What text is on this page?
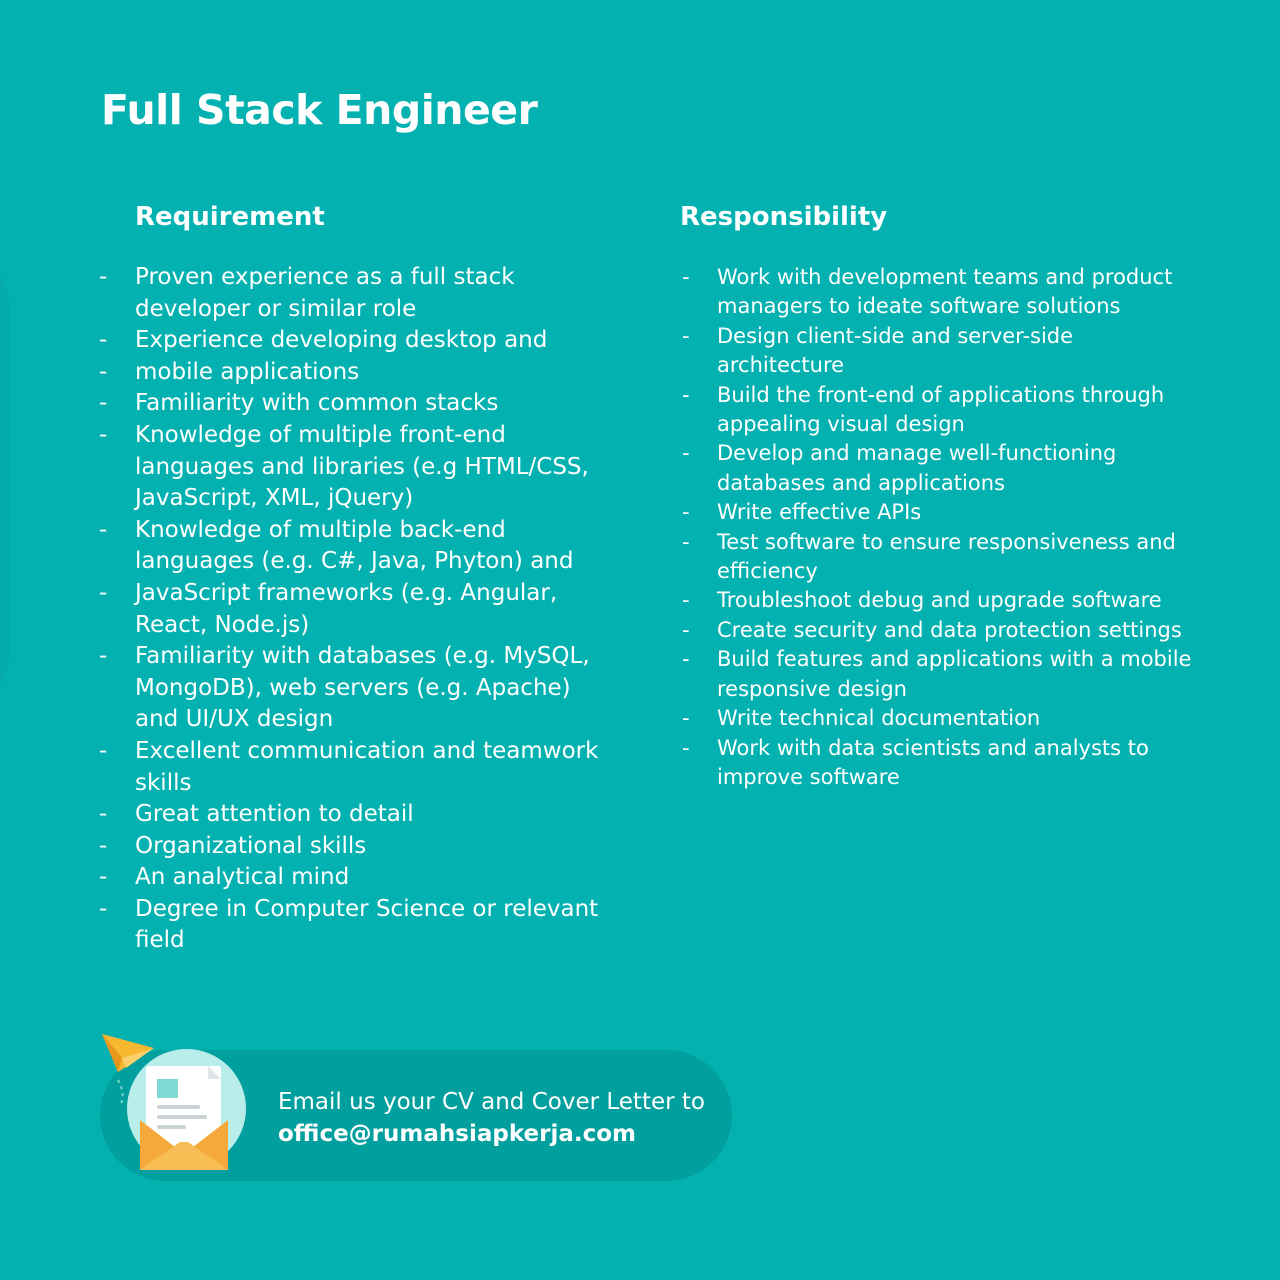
Full Stack Engineer
Requirement	Responsibility
- Proven experience as a full stack developer or similar role
- Experience developing desktop and
- mobile applications
- Familiarity with common stacks
- Knowledge of multiple front-end languages and libraries (e.g HTML/CSS, JavaScript, XML, jQuery)
- Knowledge of multiple back-end languages (e.g. C#, Java, Phyton) and
- JavaScript frameworks (e.g. Angular, React, Node.js)
- Familiarity with databases (e.g. MySQL, MongoDB), web servers (e.g. Apache) and UI/UX design
- Excellent communication and teamwork skills
- Great attention to detail
- Organizational skills
- An analytical mind
- Degree in Computer Science or relevant field
- Work with development teams and product managers to ideate software solutions
- Design client-side and server-side architecture
- Build the front-end of applications through appealing visual design
- Develop and manage well-functioning databases and applications
- Write effective APIs
- Test software to ensure responsiveness and efficiency
- Troubleshoot debug and upgrade software
- Create security and data protection settings
- Build features and applications with a mobile responsive design
- Write technical documentation
- Work with data scientists and analysts to improve software
Email us your CV and Cover Letter to
office@rumahsiapkerja.com
